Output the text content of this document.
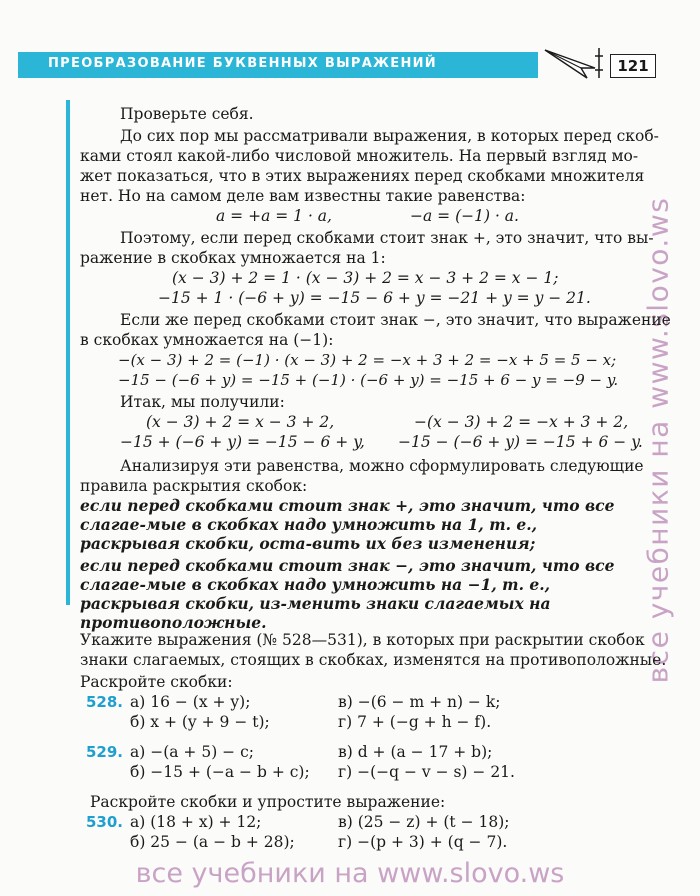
ПРЕОБРАЗОВАНИЕ БУКВЕННЫХ ВЫРАЖЕНИЙ	121
все учебники на www.slovo.ws
Проверьте себя.
До сих пор мы рассматривали выражения, в которых перед скоб-
ками стоял какой-либо числовой множитель. На первый взгляд мо-
жет показаться, что в этих выражениях перед скобками множителя
нет. Но на самом деле вам известны такие равенства:
a = +a = 1 · a,	−a = (−1) · a.
Поэтому, если перед скобками стоит знак +, это значит, что вы-
ражение в скобках умножается на 1:
(x − 3) + 2 = 1 · (x − 3) + 2 = x − 3 + 2 = x − 1;
−15 + 1 · (−6 + y) = −15 − 6 + y = −21 + y = y − 21.
Если же перед скобками стоит знак −, это значит, что выражение
в скобках умножается на (−1):
−(x − 3) + 2 = (−1) · (x − 3) + 2 = −x + 3 + 2 = −x + 5 = 5 − x;
−15 − (−6 + y) = −15 + (−1) · (−6 + y) = −15 + 6 − y = −9 − y.
Итак, мы получили:
(x − 3) + 2 = x − 3 + 2,	−(x − 3) + 2 = −x + 3 + 2,
−15 + (−6 + y) = −15 − 6 + y, −15 − (−6 + y) = −15 + 6 − y.
Анализируя эти равенства, можно сформулировать следующие
правила раскрытия скобок:
если перед скобками стоит знак +, это значит, что все слагае-мые в скобках надо умножить на 1, т. е., раскрывая скобки, оста-вить их без изменения;
если перед скобками стоит знак −, это значит, что все слагае-мые в скобках надо умножить на −1, т. е., раскрывая скобки, из-менить знаки слагаемых на противоположные.
Укажите выражения (№ 528—531), в которых при раскрытии скобок
знаки слагаемых, стоящих в скобках, изменятся на противоположные.
Раскройте скобки:
528. а) 16 − (x + y);	в) −(6 − m + n) − k;
б) x + (y + 9 − t);	г) 7 + (−g + h − f).
529. а) −(a + 5) − c;	в) d + (a − 17 + b);
б) −15 + (−a − b + c); г) −(−q − v − s) − 21.
Раскройте скобки и упростите выражение:
530. а) (18 + x) + 12;	в) (25 − z) + (t − 18);
б) 25 − (a − b + 28);	г) −(p + 3) + (q − 7).
все учебники на www.slovo.ws
